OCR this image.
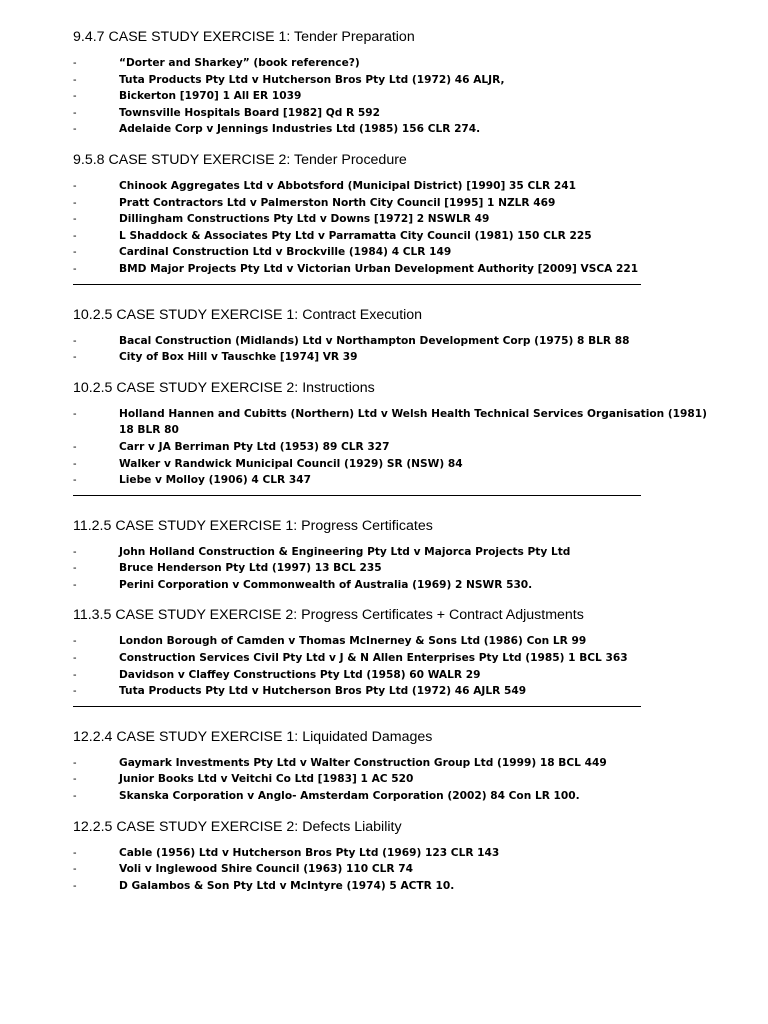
9.4.7 CASE STUDY EXERCISE 1: Tender Preparation
-	“Dorter and Sharkey” (book reference?)
-	Tuta Products Pty Ltd v Hutcherson Bros Pty Ltd (1972) 46 ALJR,
-	Bickerton [1970] 1 All ER 1039
-	Townsville Hospitals Board [1982] Qd R 592
-	Adelaide Corp v Jennings Industries Ltd (1985) 156 CLR 274.
9.5.8 CASE STUDY EXERCISE 2: Tender Procedure
-	Chinook Aggregates Ltd v Abbotsford (Municipal District) [1990] 35 CLR 241
-	Pratt Contractors Ltd v Palmerston North City Council [1995] 1 NZLR 469
-	Dillingham Constructions Pty Ltd v Downs [1972] 2 NSWLR 49
-	L Shaddock & Associates Pty Ltd v Parramatta City Council (1981) 150 CLR 225
-	Cardinal Construction Ltd v Brockville (1984) 4 CLR 149
-	BMD Major Projects Pty Ltd v Victorian Urban Development Authority [2009] VSCA 221
10.2.5 CASE STUDY EXERCISE 1: Contract Execution
-	Bacal Construction (Midlands) Ltd v Northampton Development Corp (1975) 8 BLR 88
-	City of Box Hill v Tauschke [1974] VR 39
10.2.5 CASE STUDY EXERCISE 2: Instructions
-	Holland Hannen and Cubitts (Northern) Ltd v Welsh Health Technical Services Organisation (1981) 18 BLR 80
-	Carr v JA Berriman Pty Ltd (1953) 89 CLR 327
-	Walker v Randwick Municipal Council (1929) SR (NSW) 84
-	Liebe v Molloy (1906) 4 CLR 347
11.2.5 CASE STUDY EXERCISE 1: Progress Certificates
-	John Holland Construction & Engineering Pty Ltd v Majorca Projects Pty Ltd
-	Bruce Henderson Pty Ltd (1997) 13 BCL 235
-	Perini Corporation v Commonwealth of Australia (1969) 2 NSWR 530.
11.3.5 CASE STUDY EXERCISE 2: Progress Certificates + Contract Adjustments
-	London Borough of Camden v Thomas McInerney & Sons Ltd (1986) Con LR 99
-	Construction Services Civil Pty Ltd v J & N Allen Enterprises Pty Ltd (1985) 1 BCL 363
-	Davidson v Claffey Constructions Pty Ltd (1958) 60 WALR 29
-	Tuta Products Pty Ltd v Hutcherson Bros Pty Ltd (1972) 46 AJLR 549
12.2.4 CASE STUDY EXERCISE 1: Liquidated Damages
-	Gaymark Investments Pty Ltd v Walter Construction Group Ltd (1999) 18 BCL 449
-	Junior Books Ltd v Veitchi Co Ltd [1983] 1 AC 520
-	Skanska Corporation v Anglo- Amsterdam Corporation (2002) 84 Con LR 100.
12.2.5 CASE STUDY EXERCISE 2: Defects Liability
-	Cable (1956) Ltd v Hutcherson Bros Pty Ltd (1969) 123 CLR 143
-	Voli v Inglewood Shire Council (1963) 110 CLR 74
-	D Galambos & Son Pty Ltd v McIntyre (1974) 5 ACTR 10.
